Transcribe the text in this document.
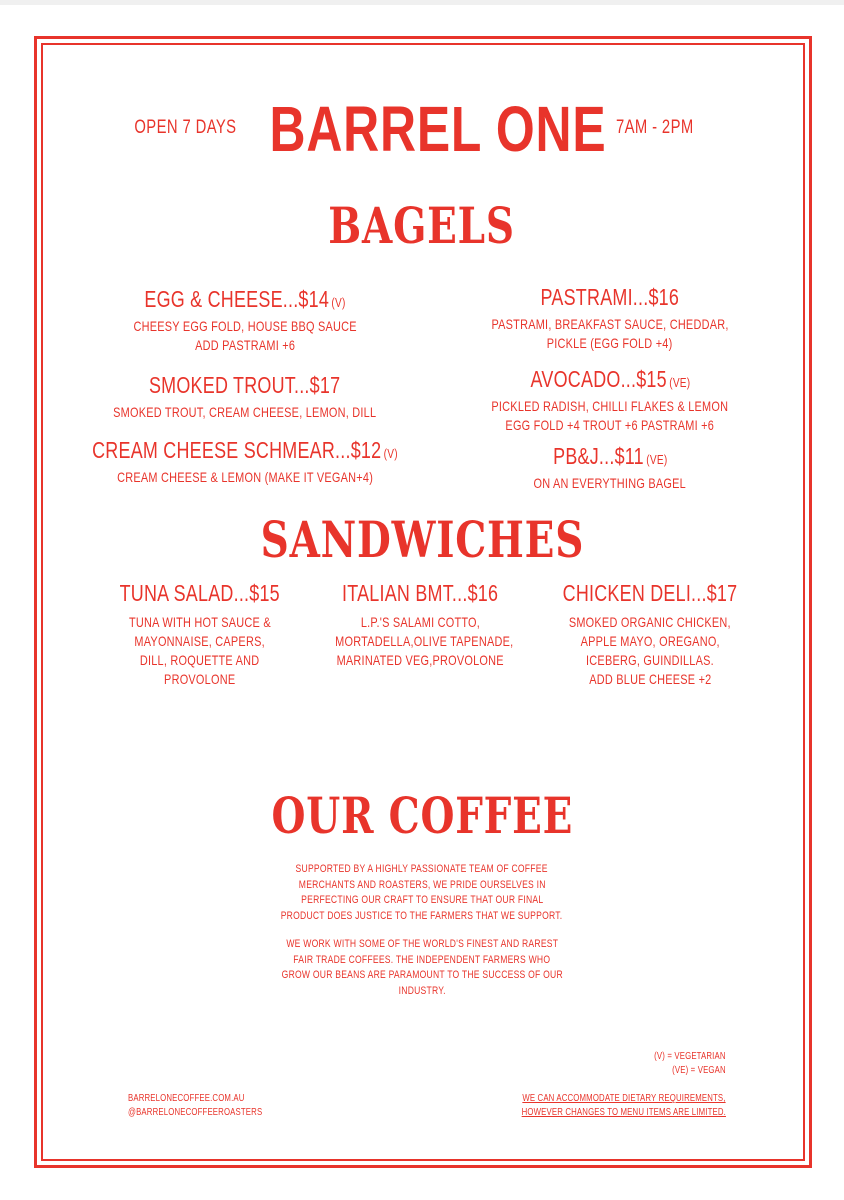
OPEN 7 DAYS BARREL ONE 7AM - 2PM
BAGELS
EGG & CHEESE...$14 (V)
CHEESY EGG FOLD, HOUSE BBQ SAUCE
ADD PASTRAMI +6
SMOKED TROUT...$17
SMOKED TROUT, CREAM CHEESE, LEMON, DILL
CREAM CHEESE SCHMEAR...$12 (V)
CREAM CHEESE & LEMON (MAKE IT VEGAN+4)
PASTRAMI...$16
PASTRAMI, BREAKFAST SAUCE, CHEDDAR,
PICKLE (EGG FOLD +4)
AVOCADO...$15 (VE)
PICKLED RADISH, CHILLI FLAKES & LEMON
EGG FOLD +4 TROUT +6 PASTRAMI +6
PB&J...$11 (VE)
ON AN EVERYTHING BAGEL
SANDWICHES
TUNA SALAD...$15
TUNA WITH HOT SAUCE &
MAYONNAISE, CAPERS,
DILL, ROQUETTE AND
PROVOLONE
ITALIAN BMT...$16
L.P.'S SALAMI COTTO,
MORTADELLA,OLIVE TAPENADE,
MARINATED VEG,PROVOLONE
CHICKEN DELI...$17
SMOKED ORGANIC CHICKEN,
APPLE MAYO, OREGANO,
ICEBERG, GUINDILLAS.
ADD BLUE CHEESE +2
OUR COFFEE
SUPPORTED BY A HIGHLY PASSIONATE TEAM OF COFFEE
MERCHANTS AND ROASTERS, WE PRIDE OURSELVES IN
PERFECTING OUR CRAFT TO ENSURE THAT OUR FINAL
PRODUCT DOES JUSTICE TO THE FARMERS THAT WE SUPPORT.
WE WORK WITH SOME OF THE WORLD'S FINEST AND RAREST
FAIR TRADE COFFEES. THE INDEPENDENT FARMERS WHO
GROW OUR BEANS ARE PARAMOUNT TO THE SUCCESS OF OUR
INDUSTRY.
(V) = VEGETARIAN
(VE) = VEGAN
BARRELONECOFFEE.COM.AU
@BARRELONECOFFEEROASTERS
WE CAN ACCOMMODATE DIETARY REQUIREMENTS,
HOWEVER CHANGES TO MENU ITEMS ARE LIMITED.
